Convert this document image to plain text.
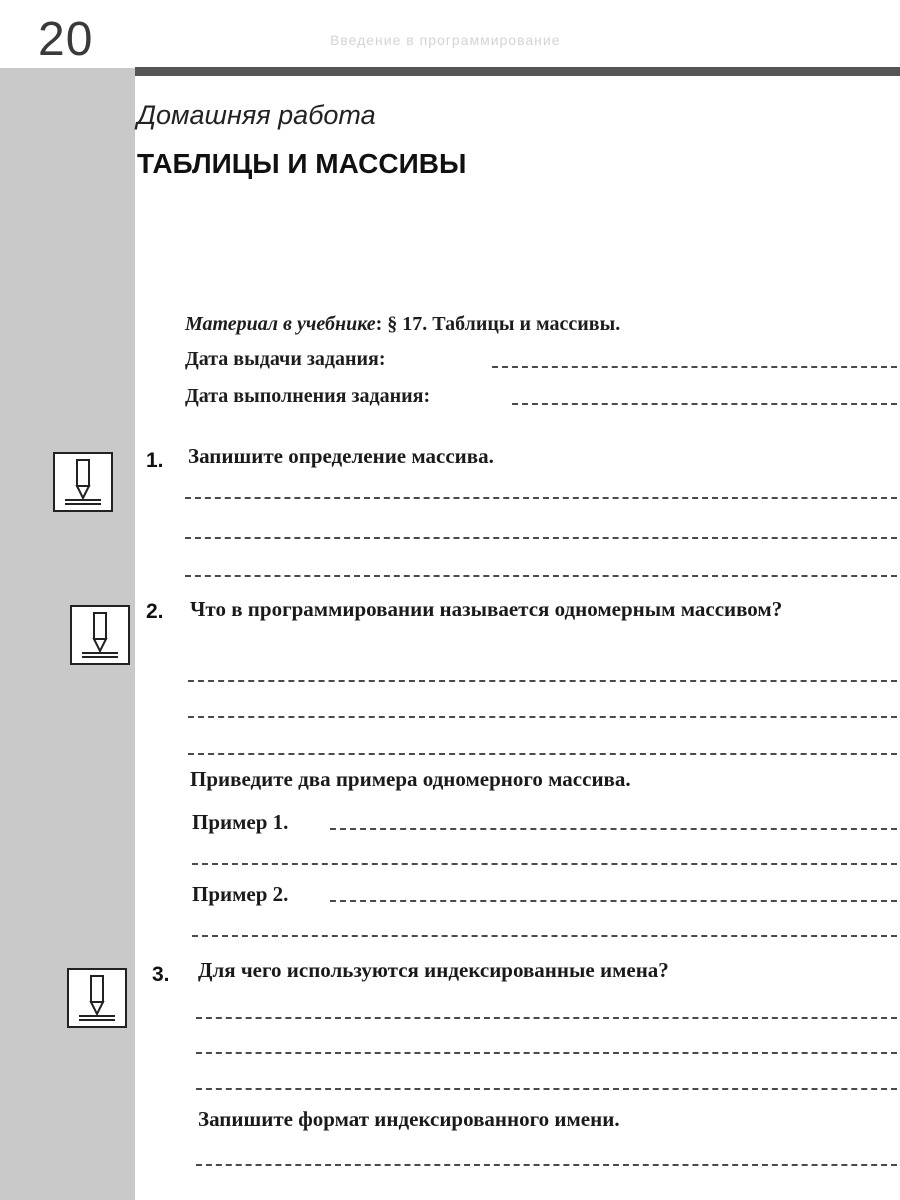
20	Введение в программирование
Домашняя работа
ТАБЛИЦЫ И МАССИВЫ
Материал в учебнике: § 17. Таблицы и массивы.
Дата выдачи задания:
Дата выполнения задания:
1. Запишите определение массива.
2. Что в программировании называется одномерным массивом?
Приведите два примера одномерного массива.
Пример 1.
Пример 2.
3. Для чего используются индексированные имена?
Запишите формат индексированного имени.
